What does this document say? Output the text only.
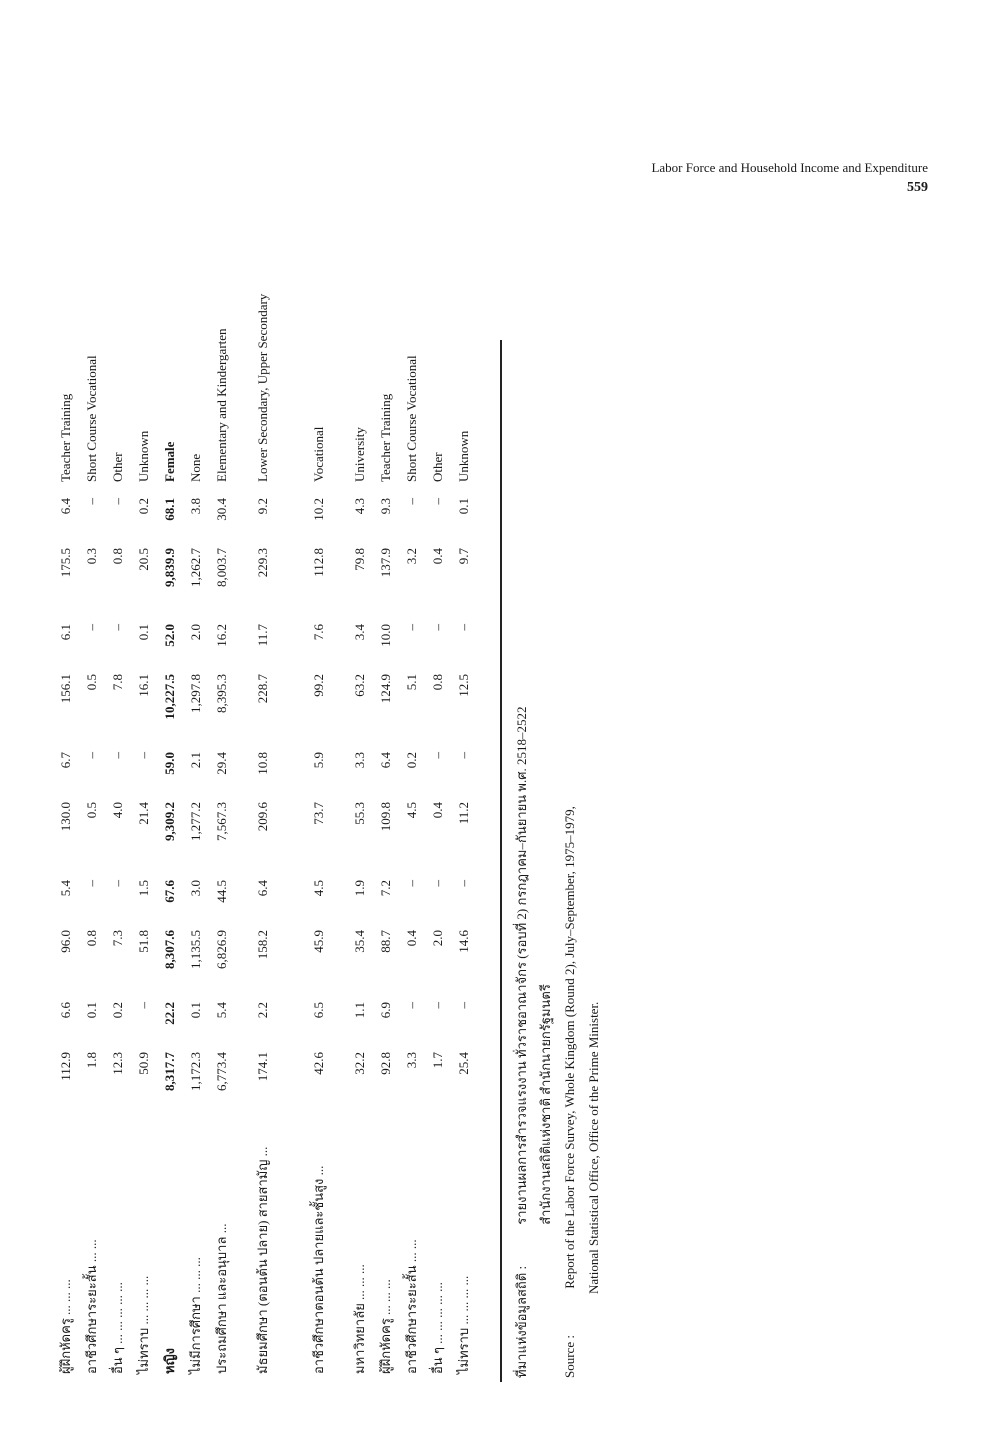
Labor Force and Household Income and Expenditure
559
ผู้ฝึกหัดครู ... ... ...	112.9	6.6	96.0	5.4	130.0	6.7	156.1	6.1	175.5	6.4	Teacher Training
อาชีวศึกษาระยะสั้น ... ...	1.8	0.1	0.8	–	0.5	–	0.5	–	0.3	–	Short Course Vocational
อื่น ๆ ... ... ... ... ...	12.3	0.2	7.3	–	4.0	–	7.8	–	0.8	–	Other
ไม่ทราบ ... ... ... ...	50.9	–	51.8	1.5	21.4	–	16.1	0.1	20.5	0.2	Unknown
หญิง	8,317.7	22.2	8,307.6	67.6	9,309.2	59.0	10,227.5	52.0	9,839.9	68.1	Female
ไม่มีการศึกษา ... ... ...	1,172.3	0.1	1,135.5	3.0	1,277.2	2.1	1,297.8	2.0	1,262.7	3.8	None
ประถมศึกษา และอนุบาล ...	6,773.4	5.4	6,826.9	44.5	7,567.3	29.4	8,395.3	16.2	8,003.7	30.4	Elementary and Kindergarten
มัธยมศึกษา (ตอนต้น ปลาย) สายสามัญ ...	174.1	2.2	158.2	6.4	209.6	10.8	228.7	11.7	229.3	9.2	Lower Secondary, Upper Secondary
อาชีวศึกษาตอนต้น ปลายและชั้นสูง ...	42.6	6.5	45.9	4.5	73.7	5.9	99.2	7.6	112.8	10.2	Vocational
มหาวิทยาลัย ... ... ...	32.2	1.1	35.4	1.9	55.3	3.3	63.2	3.4	79.8	4.3	University
ผู้ฝึกหัดครู ... ... ...	92.8	6.9	88.7	7.2	109.8	6.4	124.9	10.0	137.9	9.3	Teacher Training
อาชีวศึกษาระยะสั้น ... ...	3.3	–	0.4	–	4.5	0.2	5.1	–	3.2	–	Short Course Vocational
อื่น ๆ ... ... ... ... ...	1.7	–	2.0	–	0.4	–	0.8	–	0.4	–	Other
ไม่ทราบ ... ... ... ...	25.4	–	14.6	–	11.2	–	12.5	–	9.7	0.1	Unknown
ที่มาแห่งข้อมูลสถิติ : รายงานผลการสำรวจแรงงาน ทั่วราชอาณาจักร (รอบที่ 2) กรกฎาคม–กันยายน พ.ศ. 2518–2522 สำนักงานสถิติแห่งชาติ สำนักนายกรัฐมนตรี
Source : Report of the Labor Force Survey, Whole Kingdom (Round 2), July–September, 1975–1979, National Statistical Office, Office of the Prime Minister.
